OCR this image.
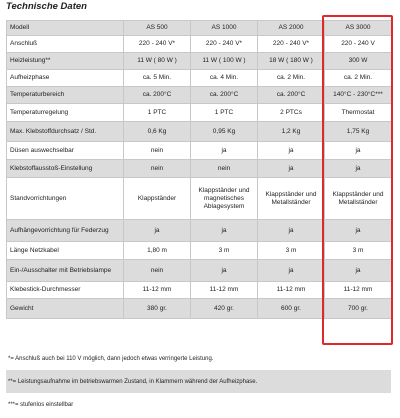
Technische Daten
Modell	AS 500	AS 1000	AS 2000	AS 3000
Anschluß	220 - 240 V*	220 - 240 V*	220 - 240 V*	220 - 240 V
Heizleistung**	11 W ( 80 W )	11 W ( 100 W )	18 W ( 180 W )	300 W
Aufheizphase	ca. 5 Min.	ca. 4 Min.	ca. 2 Min.	ca. 2 Min.
Temperaturbereich	ca. 200°C	ca. 200°C	ca. 200°C	140°C - 230°C***
Temperaturregelung	1 PTC	1 PTC	2 PTCs	Thermostat
Max. Klebstoffdurchsatz / Std.	0,6 Kg	0,95 Kg	1,2 Kg	1,75 Kg
Düsen auswechselbar	nein	ja	ja	ja
Klebstoffausstoß-Einstellung	nein	nein	ja	ja
Standvorrichtungen	Klappständer	Klappständer und magnetisches Ablagesystem	Klappständer und Metallständer	Klappständer und Metallständer
Aufhängevorrichtung für Federzug	ja	ja	ja	ja
Länge Netzkabel	1,80 m	3 m	3 m	3 m
Ein-/Ausschalter mit Betriebslampe	nein	ja	ja	ja
Klebestick-Durchmesser	11-12 mm	11-12 mm	11-12 mm	11-12 mm
Gewicht	380 gr.	420 gr.	600 gr.	700 gr.
*= Anschluß auch bei 110 V möglich, dann jedoch etwas verringerte Leistung.
**= Leistungsaufnahme im betriebswarmen Zustand, in Klammern während der Aufheizphase.
***= stufenlos einstellbar
